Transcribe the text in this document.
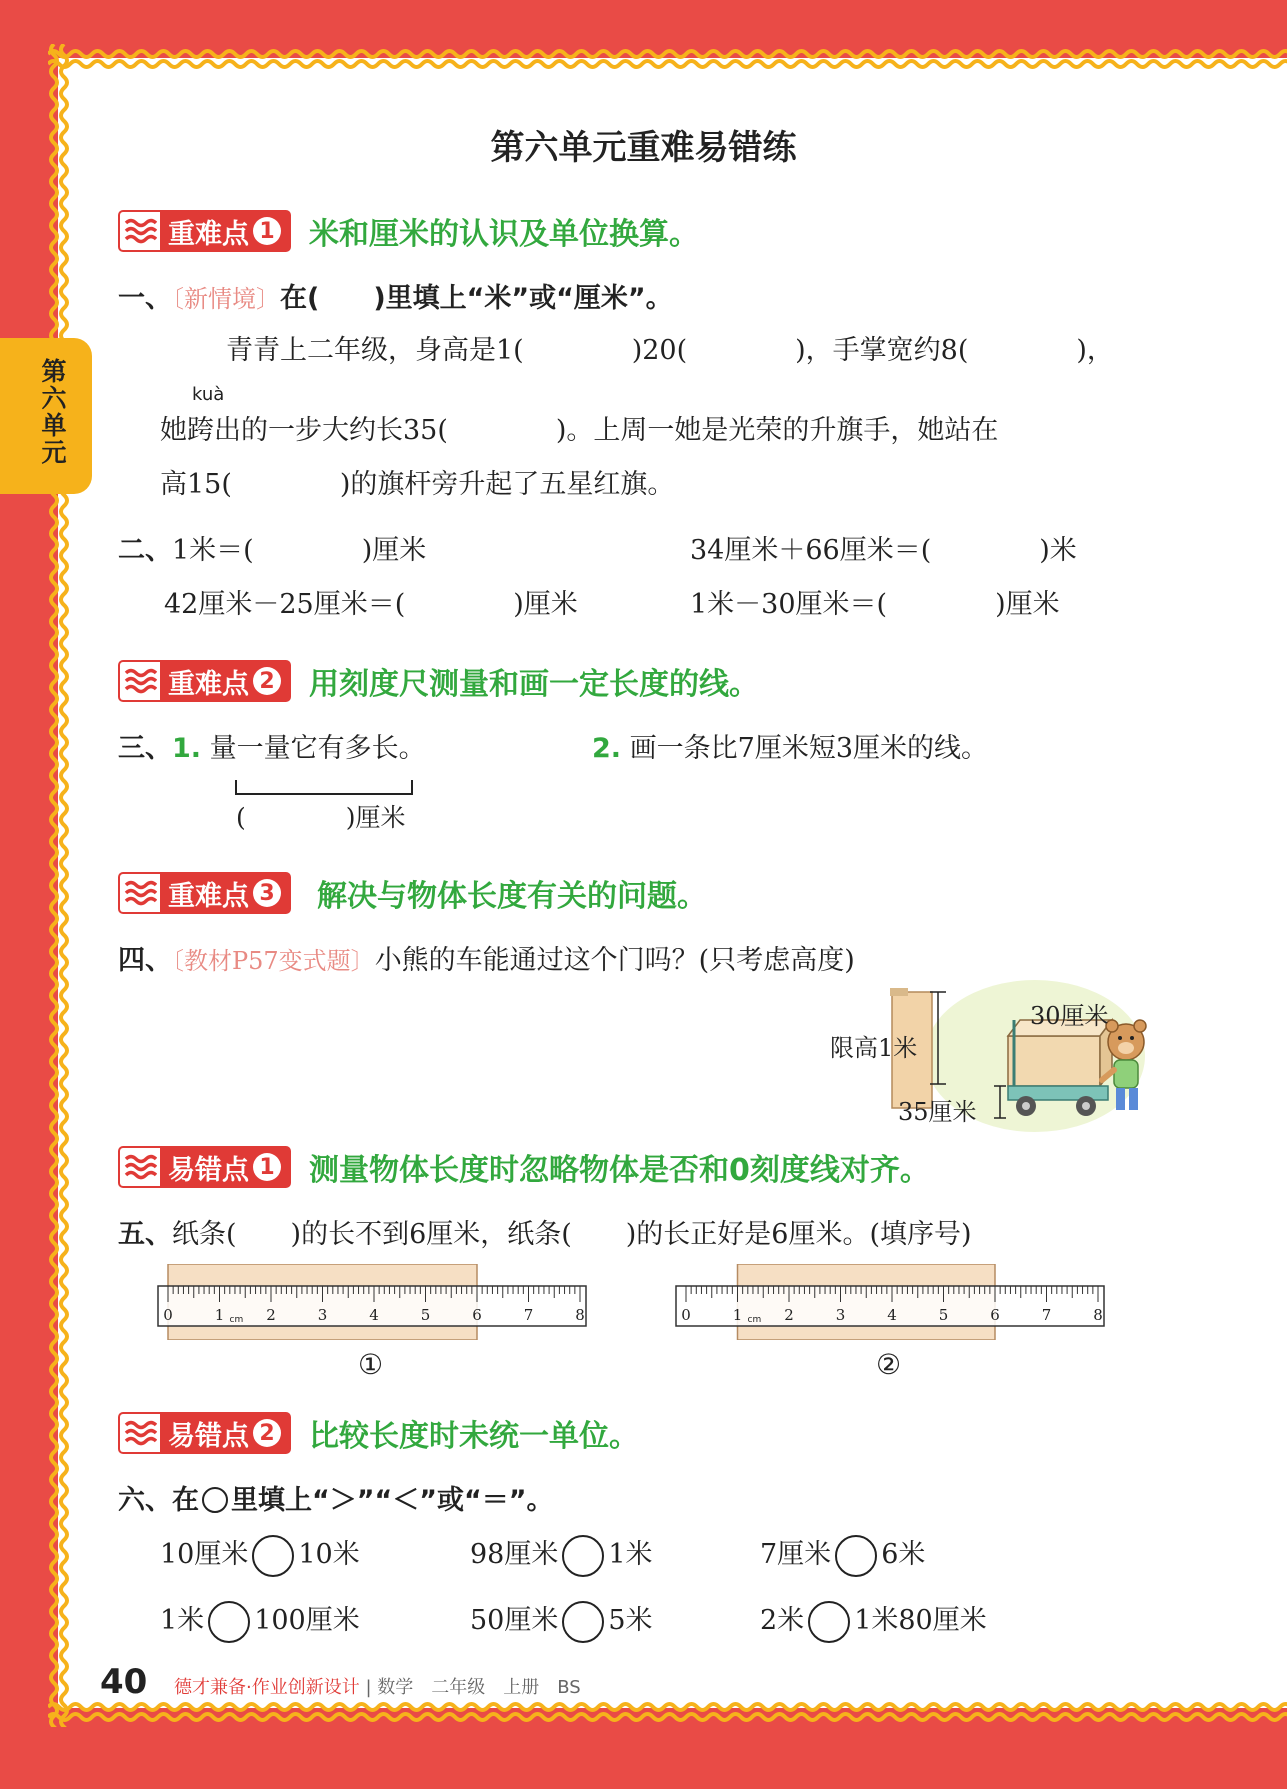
第六单元
第六单元重难易错练
重难点 1 米和厘米的认识及单位换算。
一、〔新情境〕在(　　)里填上“米”或“厘米”。
青青上二年级，身高是1(　　　　)20(　　　　)，手掌宽约8(　　　　)，
kuà
她跨出的一步大约长35(　　　　)。上周一她是光荣的升旗手，她站在
高15(　　　　)的旗杆旁升起了五星红旗。
二、1米＝(　　　　)厘米	34厘米＋66厘米＝(　　　　)米
42厘米－25厘米＝(　　　　)厘米	1米－30厘米＝(　　　　)厘米
重难点 2 用刻度尺测量和画一定长度的线。
三、1. 量一量它有多长。	2. 画一条比7厘米短3厘米的线。
(　　　　)厘米
重难点 3 解决与物体长度有关的问题。
四、〔教材P57变式题〕小熊的车能通过这个门吗？(只考虑高度)
限高1米
30厘米
35厘米
易错点 1 测量物体长度时忽略物体是否和0刻度线对齐。
五、纸条(　　)的长不到6厘米，纸条(　　)的长正好是6厘米。(填序号)
0	1	2	3	4	5	6	7	8
cm	0	1	2	3	4	5	6	7	8
cm
①	②
易错点 2 比较长度时未统一单位。
六、在 里填上“＞”“＜”或“＝”。
10厘米 10米	98厘米 1米	7厘米 6米
1米 100厘米	50厘米 5米	2米 1米80厘米
40 德才兼备·作业创新设计 | 数学　二年级　上册　BS
